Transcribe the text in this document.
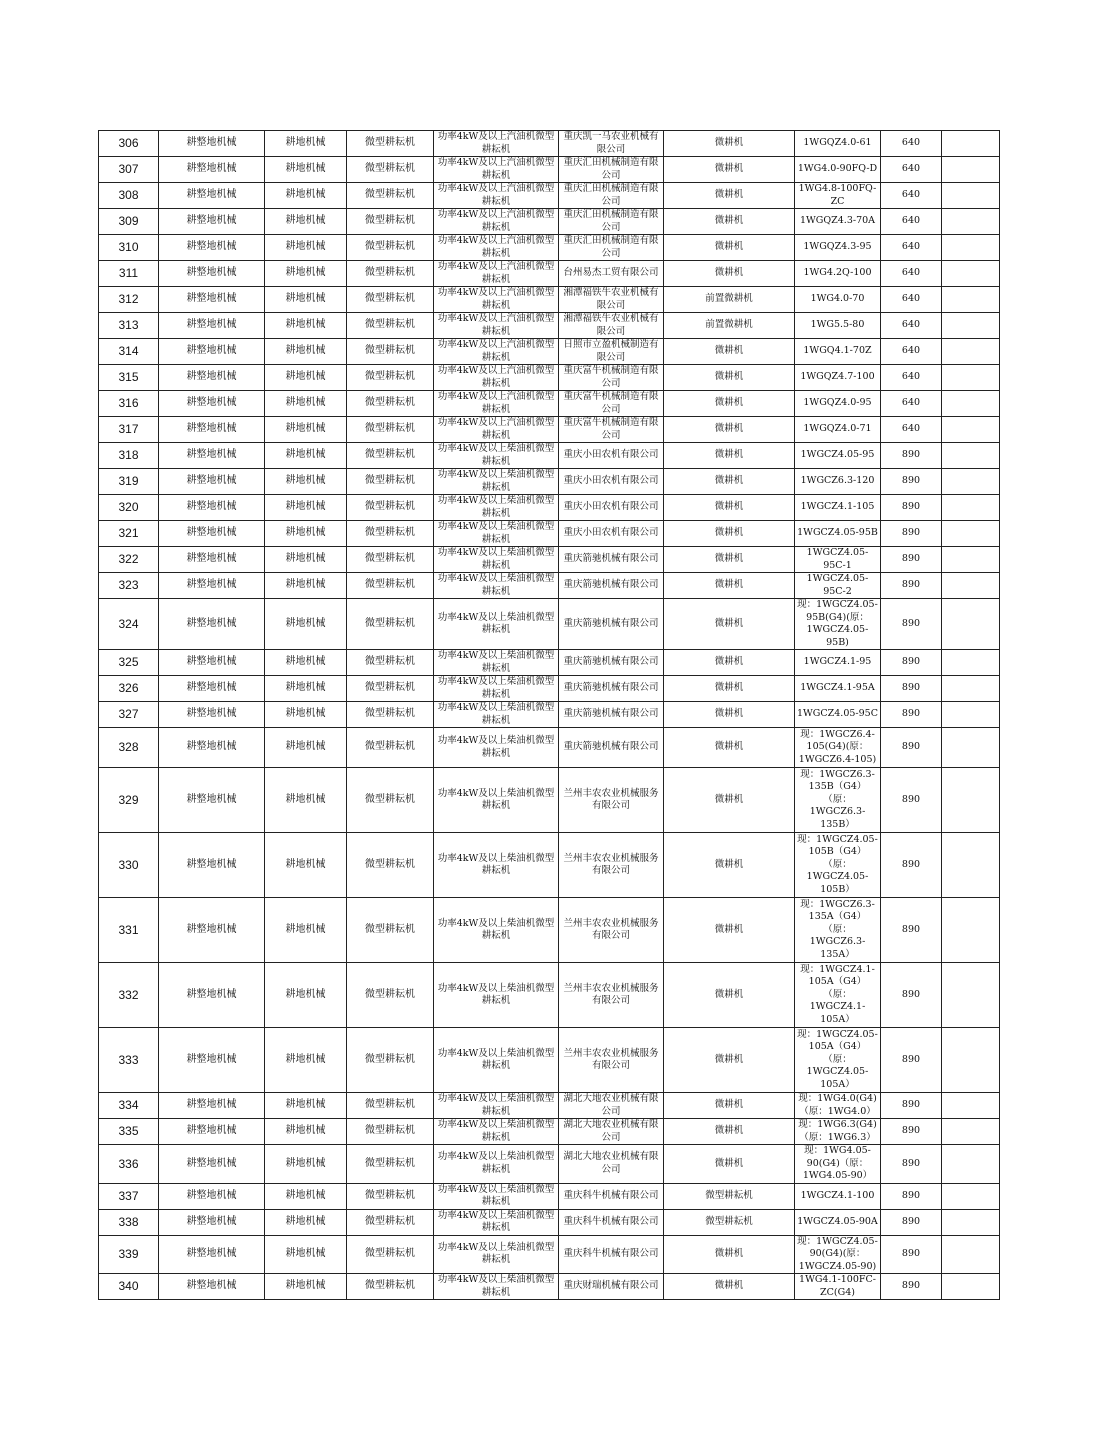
306	耕整地机械	耕地机械	微型耕耘机	功率4kW及以上汽油机微型耕耘机	重庆凯一马农业机械有限公司	微耕机	1WGQZ4.0-61	640	
307	耕整地机械	耕地机械	微型耕耘机	功率4kW及以上汽油机微型耕耘机	重庆汇田机械制造有限公司	微耕机	1WG4.0-90FQ-D	640	
308	耕整地机械	耕地机械	微型耕耘机	功率4kW及以上汽油机微型耕耘机	重庆汇田机械制造有限公司	微耕机	1WG4.8-100FQ-ZC	640	
309	耕整地机械	耕地机械	微型耕耘机	功率4kW及以上汽油机微型耕耘机	重庆汇田机械制造有限公司	微耕机	1WGQZ4.3-70A	640	
310	耕整地机械	耕地机械	微型耕耘机	功率4kW及以上汽油机微型耕耘机	重庆汇田机械制造有限公司	微耕机	1WGQZ4.3-95	640	
311	耕整地机械	耕地机械	微型耕耘机	功率4kW及以上汽油机微型耕耘机	台州易杰工贸有限公司	微耕机	1WG4.2Q-100	640	
312	耕整地机械	耕地机械	微型耕耘机	功率4kW及以上汽油机微型耕耘机	湘潭福铁牛农业机械有限公司	前置微耕机	1WG4.0-70	640	
313	耕整地机械	耕地机械	微型耕耘机	功率4kW及以上汽油机微型耕耘机	湘潭福铁牛农业机械有限公司	前置微耕机	1WG5.5-80	640	
314	耕整地机械	耕地机械	微型耕耘机	功率4kW及以上汽油机微型耕耘机	日照市立盈机械制造有限公司	微耕机	1WGQ4.1-70Z	640	
315	耕整地机械	耕地机械	微型耕耘机	功率4kW及以上汽油机微型耕耘机	重庆富牛机械制造有限公司	微耕机	1WGQZ4.7-100	640	
316	耕整地机械	耕地机械	微型耕耘机	功率4kW及以上汽油机微型耕耘机	重庆富牛机械制造有限公司	微耕机	1WGQZ4.0-95	640	
317	耕整地机械	耕地机械	微型耕耘机	功率4kW及以上汽油机微型耕耘机	重庆富牛机械制造有限公司	微耕机	1WGQZ4.0-71	640	
318	耕整地机械	耕地机械	微型耕耘机	功率4kW及以上柴油机微型耕耘机	重庆小田农机有限公司	微耕机	1WGCZ4.05-95	890	
319	耕整地机械	耕地机械	微型耕耘机	功率4kW及以上柴油机微型耕耘机	重庆小田农机有限公司	微耕机	1WGCZ6.3-120	890	
320	耕整地机械	耕地机械	微型耕耘机	功率4kW及以上柴油机微型耕耘机	重庆小田农机有限公司	微耕机	1WGCZ4.1-105	890	
321	耕整地机械	耕地机械	微型耕耘机	功率4kW及以上柴油机微型耕耘机	重庆小田农机有限公司	微耕机	1WGCZ4.05-95B	890	
322	耕整地机械	耕地机械	微型耕耘机	功率4kW及以上柴油机微型耕耘机	重庆箭驰机械有限公司	微耕机	1WGCZ4.05-95C-1	890	
323	耕整地机械	耕地机械	微型耕耘机	功率4kW及以上柴油机微型耕耘机	重庆箭驰机械有限公司	微耕机	1WGCZ4.05-95C-2	890	
324	耕整地机械	耕地机械	微型耕耘机	功率4kW及以上柴油机微型耕耘机	重庆箭驰机械有限公司	微耕机	现：1WGCZ4.05-95B(G4)(原：1WGCZ4.05-95B)	890	
325	耕整地机械	耕地机械	微型耕耘机	功率4kW及以上柴油机微型耕耘机	重庆箭驰机械有限公司	微耕机	1WGCZ4.1-95	890	
326	耕整地机械	耕地机械	微型耕耘机	功率4kW及以上柴油机微型耕耘机	重庆箭驰机械有限公司	微耕机	1WGCZ4.1-95A	890	
327	耕整地机械	耕地机械	微型耕耘机	功率4kW及以上柴油机微型耕耘机	重庆箭驰机械有限公司	微耕机	1WGCZ4.05-95C	890	
328	耕整地机械	耕地机械	微型耕耘机	功率4kW及以上柴油机微型耕耘机	重庆箭驰机械有限公司	微耕机	现：1WGCZ6.4-105(G4)(原：1WGCZ6.4-105)	890	
329	耕整地机械	耕地机械	微型耕耘机	功率4kW及以上柴油机微型耕耘机	兰州丰农农业机械服务有限公司	微耕机	现：1WGCZ6.3-135B（G4）（原：1WGCZ6.3-135B）	890	
330	耕整地机械	耕地机械	微型耕耘机	功率4kW及以上柴油机微型耕耘机	兰州丰农农业机械服务有限公司	微耕机	现：1WGCZ4.05-105B（G4）（原：1WGCZ4.05-105B）	890	
331	耕整地机械	耕地机械	微型耕耘机	功率4kW及以上柴油机微型耕耘机	兰州丰农农业机械服务有限公司	微耕机	现：1WGCZ6.3-135A（G4）（原：1WGCZ6.3-135A）	890	
332	耕整地机械	耕地机械	微型耕耘机	功率4kW及以上柴油机微型耕耘机	兰州丰农农业机械服务有限公司	微耕机	现：1WGCZ4.1-105A（G4）（原：1WGCZ4.1-105A）	890	
333	耕整地机械	耕地机械	微型耕耘机	功率4kW及以上柴油机微型耕耘机	兰州丰农农业机械服务有限公司	微耕机	现：1WGCZ4.05-105A（G4）（原：1WGCZ4.05-105A）	890	
334	耕整地机械	耕地机械	微型耕耘机	功率4kW及以上柴油机微型耕耘机	湖北大地农业机械有限公司	微耕机	现：1WG4.0(G4)（原：1WG4.0）	890	
335	耕整地机械	耕地机械	微型耕耘机	功率4kW及以上柴油机微型耕耘机	湖北大地农业机械有限公司	微耕机	现：1WG6.3(G4)（原：1WG6.3）	890	
336	耕整地机械	耕地机械	微型耕耘机	功率4kW及以上柴油机微型耕耘机	湖北大地农业机械有限公司	微耕机	现：1WG4.05-90(G4)（原：1WG4.05-90）	890	
337	耕整地机械	耕地机械	微型耕耘机	功率4kW及以上柴油机微型耕耘机	重庆科牛机械有限公司	微型耕耘机	1WGCZ4.1-100	890	
338	耕整地机械	耕地机械	微型耕耘机	功率4kW及以上柴油机微型耕耘机	重庆科牛机械有限公司	微型耕耘机	1WGCZ4.05-90A	890	
339	耕整地机械	耕地机械	微型耕耘机	功率4kW及以上柴油机微型耕耘机	重庆科牛机械有限公司	微耕机	现：1WGCZ4.05-90(G4)(原：1WGCZ4.05-90)	890	
340	耕整地机械	耕地机械	微型耕耘机	功率4kW及以上柴油机微型耕耘机	重庆财瑞机械有限公司	微耕机	1WG4.1-100FC-ZC(G4)	890	
